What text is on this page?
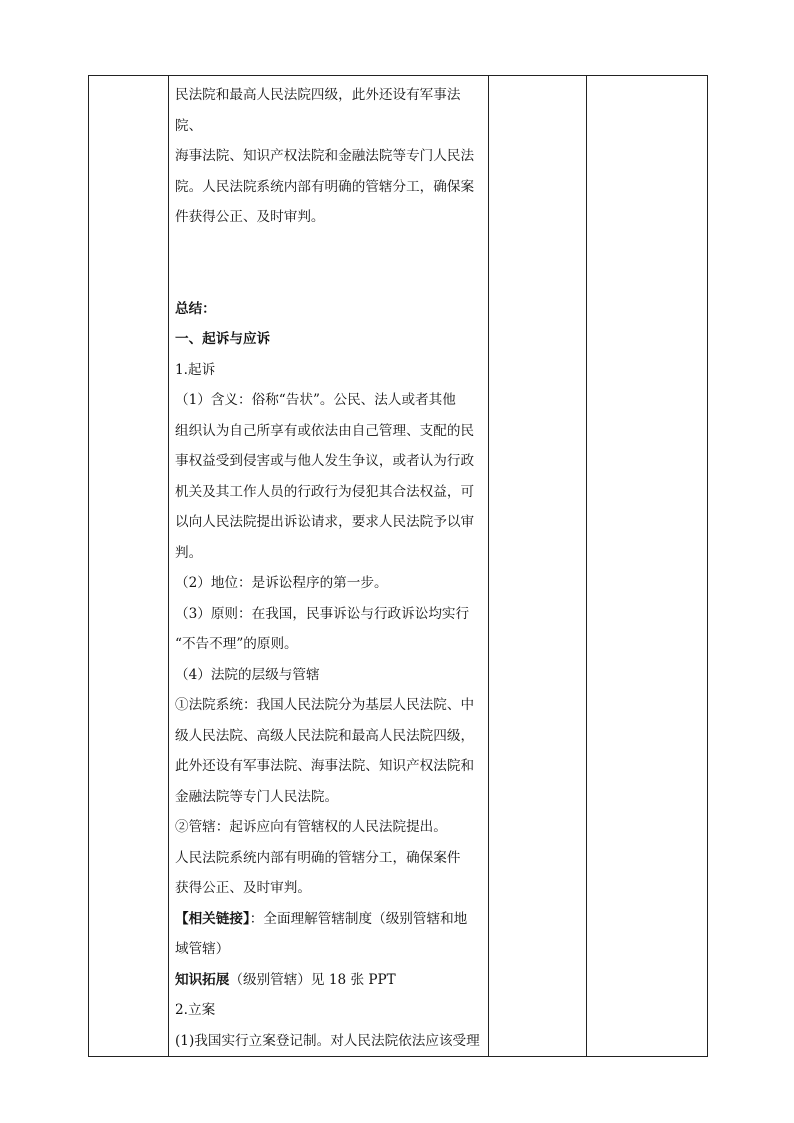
民法院和最高人民法院四级，此外还设有军事法院、

海事法院、知识产权法院和金融法院等专门人民法

院。人民法院系统内部有明确的管辖分工，确保案

件获得公正、及时审判。

总结：

一、起诉与应诉

1.起诉

（1）含义：俗称“告状”。公民、法人或者其他

组织认为自己所享有或依法由自己管理、支配的民

事权益受到侵害或与他人发生争议，或者认为行政

机关及其工作人员的行政行为侵犯其合法权益，可

以向人民法院提出诉讼请求，要求人民法院予以审

判。

（2）地位：是诉讼程序的第一步。

（3）原则：在我国，民事诉讼与行政诉讼均实行

“不告不理”的原则。

（4）法院的层级与管辖

①法院系统：我国人民法院分为基层人民法院、中

级人民法院、高级人民法院和最高人民法院四级，

此外还设有军事法院、海事法院、知识产权法院和

金融法院等专门人民法院。

②管辖：起诉应向有管辖权的人民法院提出。

人民法院系统内部有明确的管辖分工，确保案件

获得公正、及时审判。

【相关链接】：全面理解管辖制度（级别管辖和地

域管辖）

知识拓展（级别管辖）见 18 张 PPT

2.立案

(1)我国实行立案登记制。对人民法院依法应该受理
